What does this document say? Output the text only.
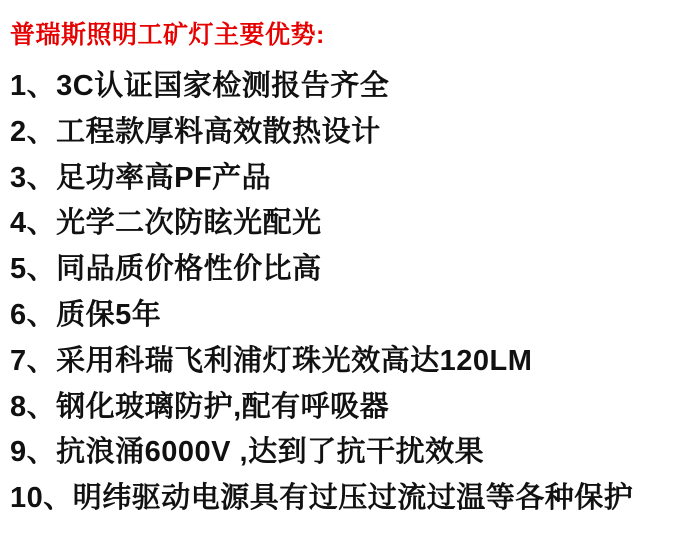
普瑞斯照明工矿灯主要优势:
1、3C认证国家检测报告齐全
2、工程款厚料高效散热设计
3、足功率高PF产品
4、光学二次防眩光配光
5、同品质价格性价比高
6、质保5年
7、采用科瑞飞利浦灯珠光效高达120LM
8、钢化玻璃防护,配有呼吸器
9、抗浪涌6000V ,达到了抗干扰效果
10、明纬驱动电源具有过压过流过温等各种保护
